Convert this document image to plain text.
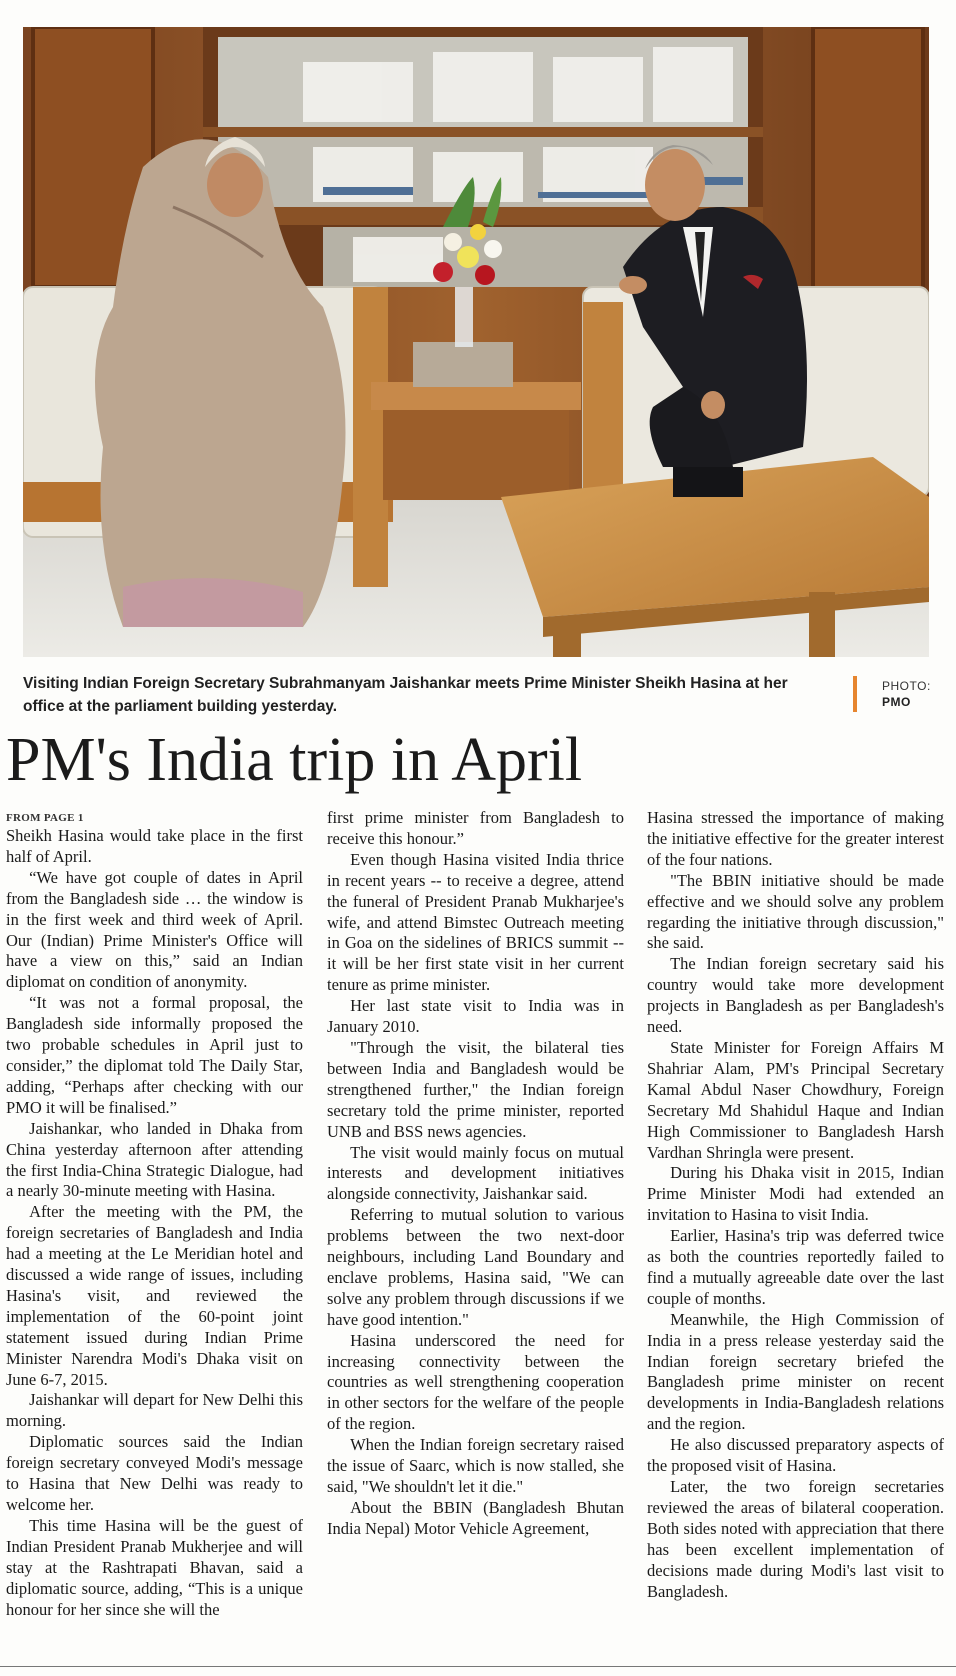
Visiting Indian Foreign Secretary Subrahmanyam Jaishankar meets Prime Minister Sheikh Hasina at her office at the parliament building yesterday.
PHOTO:
PMO
PM's India trip in April
FROM PAGE 1

Sheikh Hasina would take place in the first half of April.

“We have got couple of dates in April from the Bangladesh side … the window is in the first week and third week of April. Our (Indian) Prime Minister's Office will have a view on this,” said an Indian diplomat on condition of anonymity.

“It was not a formal proposal, the Bangladesh side informally proposed the two probable schedules in April just to consider,” the diplomat told The Daily Star, adding, “Perhaps after checking with our PMO it will be finalised.”

Jaishankar, who landed in Dhaka from China yesterday afternoon after attending the first India-China Strategic Dialogue, had a nearly 30-minute meeting with Hasina.

After the meeting with the PM, the foreign secretaries of Bangladesh and India had a meeting at the Le Meridian hotel and discussed a wide range of issues, including Hasina's visit, and reviewed the implementation of the 60-point joint statement issued during Indian Prime Minister Narendra Modi's Dhaka visit on June 6-7, 2015.

Jaishankar will depart for New Delhi this morning.

Diplomatic sources said the Indian foreign secretary conveyed Modi's message to Hasina that New Delhi was ready to welcome her.

This time Hasina will be the guest of Indian President Pranab Mukherjee and will stay at the Rashtrapati Bhavan, said a diplomatic source, adding, “This is a unique honour for her since she will the

first prime minister from Bangladesh to receive this honour.”

Even though Hasina visited India thrice in recent years -- to receive a degree, attend the funeral of President Pranab Mukharjee's wife, and attend Bimstec Outreach meeting in Goa on the sidelines of BRICS summit -- it will be her first state visit in her current tenure as prime minister.

Her last state visit to India was in January 2010.

"Through the visit, the bilateral ties between India and Bangladesh would be strengthened further," the Indian foreign secretary told the prime minister, reported UNB and BSS news agencies.

The visit would mainly focus on mutual interests and development initiatives alongside connectivity, Jaishankar said.

Referring to mutual solution to various problems between the two next-door neighbours, including Land Boundary and enclave problems, Hasina said, "We can solve any problem through discussions if we have good intention."

Hasina underscored the need for increasing connectivity between the countries as well strengthening cooperation in other sectors for the welfare of the people of the region.

When the Indian foreign secretary raised the issue of Saarc, which is now stalled, she said, "We shouldn't let it die."

About the BBIN (Bangladesh Bhutan India Nepal) Motor Vehicle Agreement,

Hasina stressed the importance of making the initiative effective for the greater interest of the four nations.

"The BBIN initiative should be made effective and we should solve any problem regarding the initiative through discussion," she said.

The Indian foreign secretary said his country would take more development projects in Bangladesh as per Bangladesh's need.

State Minister for Foreign Affairs M Shahriar Alam, PM's Principal Secretary Kamal Abdul Naser Chowdhury, Foreign Secretary Md Shahidul Haque and Indian High Commissioner to Bangladesh Harsh Vardhan Shringla were present.

During his Dhaka visit in 2015, Indian Prime Minister Modi had extended an invitation to Hasina to visit India.

Earlier, Hasina's trip was deferred twice as both the countries reportedly failed to find a mutually agreeable date over the last couple of months.

Meanwhile, the High Commission of India in a press release yesterday said the Indian foreign secretary briefed the Bangladesh prime minister on recent developments in India-Bangladesh relations and the region.

He also discussed preparatory aspects of the proposed visit of Hasina.

Later, the two foreign secretaries reviewed the areas of bilateral cooperation. Both sides noted with appreciation that there has been excellent implementation of decisions made during Modi's last visit to Bangladesh.
